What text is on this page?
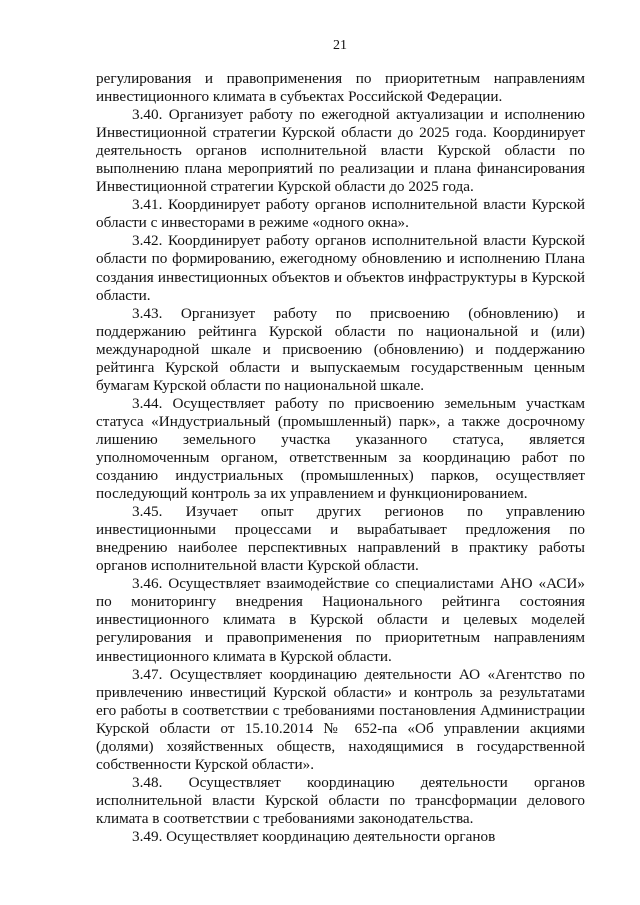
21

регулирования и правоприменения по приоритетным направлениям инвестиционного климата в субъектах Российской Федерации.

3.40. Организует работу по ежегодной актуализации и исполнению Инвестиционной стратегии Курской области до 2025 года. Координирует деятельность органов исполнительной власти Курской области по выполнению плана мероприятий по реализации и плана финансирования Инвестиционной стратегии Курской области до 2025 года.

3.41. Координирует работу органов исполнительной власти Курской области с инвесторами в режиме «одного окна».

3.42. Координирует работу органов исполнительной власти Курской области по формированию, ежегодному обновлению и исполнению Плана создания инвестиционных объектов и объектов инфраструктуры в Курской области.

3.43. Организует работу по присвоению (обновлению) и поддержанию рейтинга Курской области по национальной и (или) международной шкале и присвоению (обновлению) и поддержанию рейтинга Курской области и выпускаемым государственным ценным бумагам Курской области по национальной шкале.

3.44. Осуществляет работу по присвоению земельным участкам статуса «Индустриальный (промышленный) парк», а также досрочному лишению земельного участка указанного статуса, является уполномоченным органом, ответственным за координацию работ по созданию индустриальных (промышленных) парков, осуществляет последующий контроль за их управлением и функционированием.

3.45. Изучает опыт других регионов по управлению инвестиционными процессами и вырабатывает предложения по внедрению наиболее перспективных направлений в практику работы органов исполнительной власти Курской области.

3.46. Осуществляет взаимодействие со специалистами АНО «АСИ» по мониторингу внедрения Национального рейтинга состояния инвестиционного климата в Курской области и целевых моделей регулирования и правоприменения по приоритетным направлениям инвестиционного климата в Курской области.

3.47. Осуществляет координацию деятельности АО «Агентство по привлечению инвестиций Курской области» и контроль за результатами его работы в соответствии с требованиями постановления Администрации Курской области от 15.10.2014 № 652-па «Об управлении акциями (долями) хозяйственных обществ, находящимися в государственной собственности Курской области».

3.48. Осуществляет координацию деятельности органов исполнительной власти Курской области по трансформации делового климата в соответствии с требованиями законодательства.

3.49. Осуществляет координацию деятельности органов
